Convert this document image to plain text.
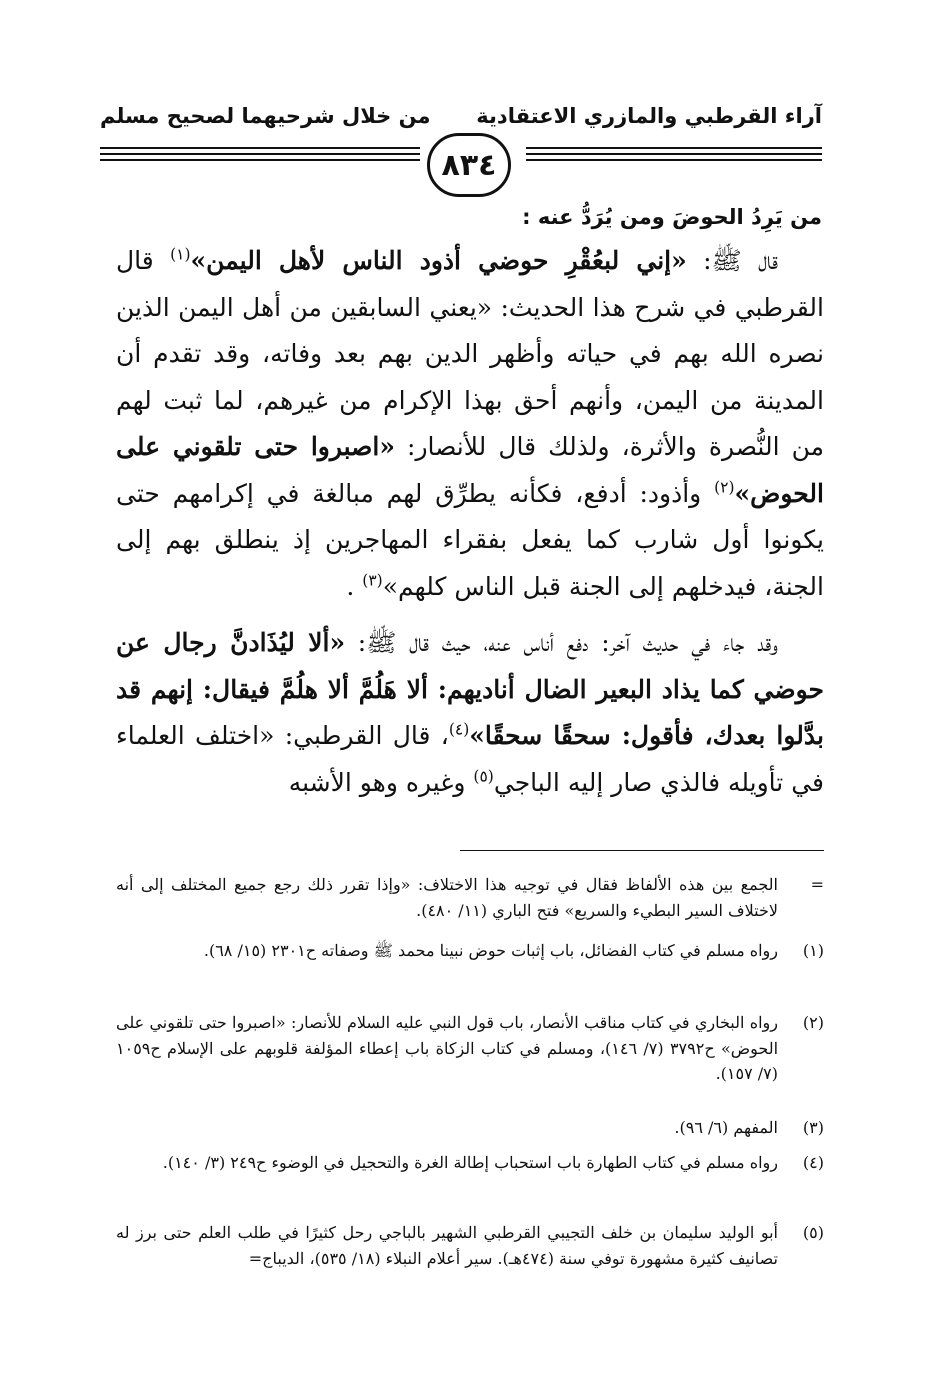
آراء القرطبي والمازري الاعتقادية
من خلال شرحيهما لصحيح مسلم
٨٣٤
من يَرِدُ الحوضَ ومن يُرَدُّ عنه :

قال ﷺ: «إني لبعُقْرِ حوضي أذود الناس لأهل اليمن»$^{(١)}$ قال القرطبي في شرح هذا الحديث: «يعني السابقين من أهل اليمن الذين نصره الله بهم في حياته وأظهر الدين بهم بعد وفاته، وقد تقدم أن المدينة من اليمن، وأنهم أحق بهذا الإكرام من غيرهم، لما ثبت لهم من النُّصرة والأثرة، ولذلك قال للأنصار: «اصبروا حتى تلقوني على الحوض»$^{(٢)}$ وأذود: أدفع، فكأنه يطرِّق لهم مبالغة في إكرامهم حتى يكونوا أول شارب كما يفعل بفقراء المهاجرين إذ ينطلق بهم إلى الجنة، فيدخلهم إلى الجنة قبل الناس كلهم»$^{(٣)}$ .

وقد جاء في حديث آخر: دفع أناس عنه، حيث قال ﷺ: «ألا ليُذَادنَّ رجال عن حوضي كما يذاد البعير الضال أناديهم: ألا هَلُمَّ ألا هلُمَّ فيقال: إنهم قد بدَّلوا بعدك، فأقول: سحقًا سحقًا»$^{(٤)}$، قال القرطبي: «اختلف العلماء في تأويله فالذي صار إليه الباجي$^{(٥)}$ وغيره وهو الأشبه

=
الجمع بين هذه الألفاظ فقال في توجيه هذا الاختلاف: «وإذا تقرر ذلك رجع جميع المختلف إلى أنه لاختلاف السير البطيء والسريع» فتح الباري (١١/ ٤٨٠).
(١)
رواه مسلم في كتاب الفضائل، باب إثبات حوض نبينا محمد ﷺ وصفاته ح٢٣٠١ (١٥/ ٦٨).
(٢)
رواه البخاري في كتاب مناقب الأنصار، باب قول النبي عليه السلام للأنصار: «اصبروا حتى تلقوني على الحوض» ح٣٧٩٢ (٧/ ١٤٦)، ومسلم في كتاب الزكاة باب إعطاء المؤلفة قلوبهم على الإسلام ح١٠٥٩ (٧/ ١٥٧).
(٣)
المفهم (٦/ ٩٦).
(٤)
رواه مسلم في كتاب الطهارة باب استحباب إطالة الغرة والتحجيل في الوضوء ح٢٤٩ (٣/ ١٤٠).
(٥)
أبو الوليد سليمان بن خلف التجيبي القرطبي الشهير بالباجي رحل كثيرًا في طلب العلم حتى برز له تصانيف كثيرة مشهورة توفي سنة (٤٧٤هـ). سير أعلام النبلاء (١٨/ ٥٣٥)، الديباج=
